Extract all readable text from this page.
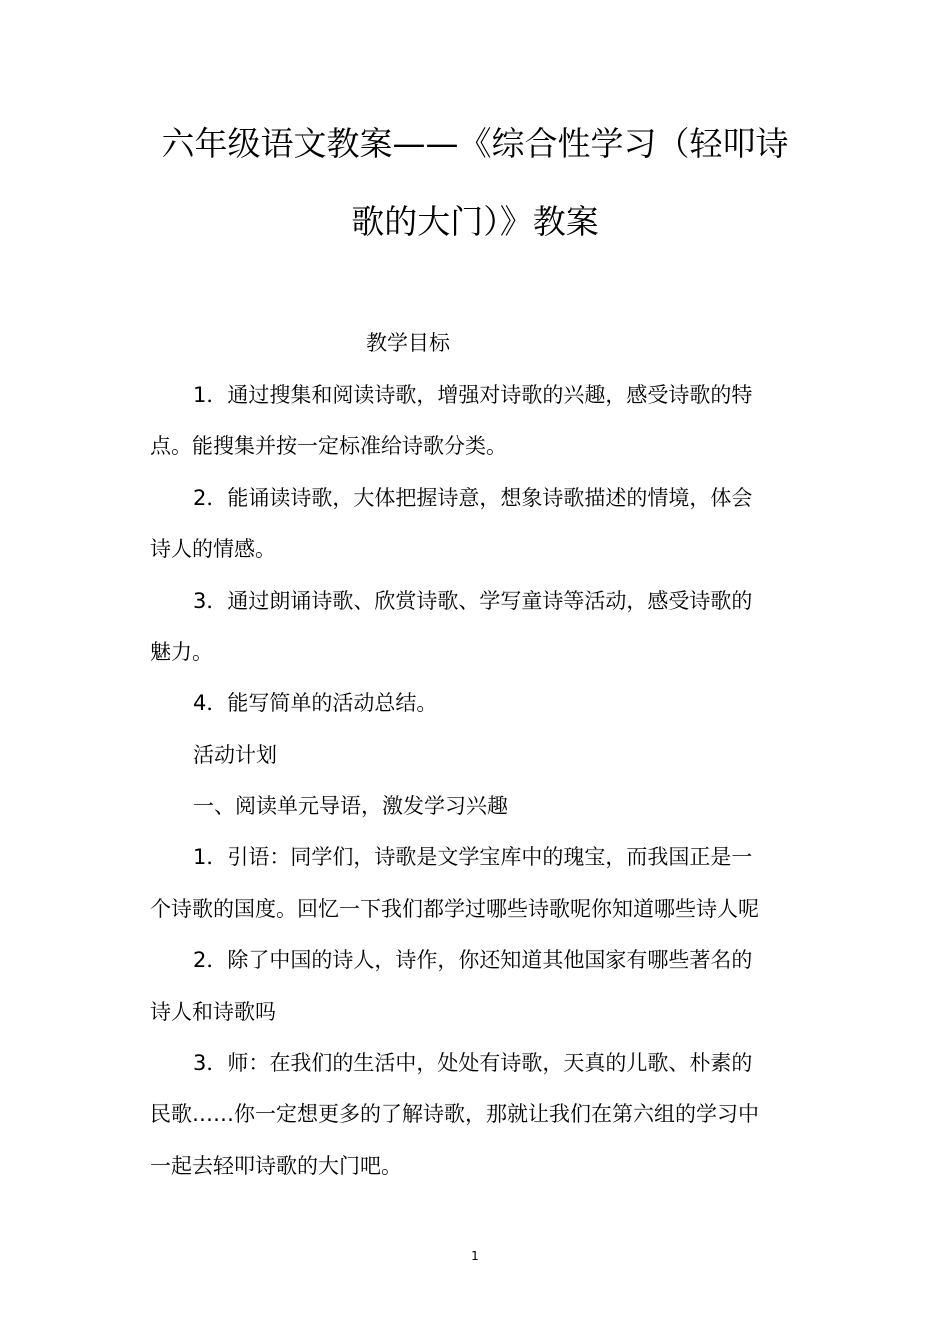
六年级语文教案——《综合性学习（轻叩诗
歌的大门）》教案
教学目标
1．通过搜集和阅读诗歌，增强对诗歌的兴趣，感受诗歌的特
点。能搜集并按一定标准给诗歌分类。
2．能诵读诗歌，大体把握诗意，想象诗歌描述的情境，体会
诗人的情感。
3．通过朗诵诗歌、欣赏诗歌、学写童诗等活动，感受诗歌的
魅力。
4．能写简单的活动总结。
活动计划
一、阅读单元导语，激发学习兴趣
1．引语：同学们，诗歌是文学宝库中的瑰宝，而我国正是一
个诗歌的国度。回忆一下我们都学过哪些诗歌呢你知道哪些诗人呢
2．除了中国的诗人，诗作，你还知道其他国家有哪些著名的
诗人和诗歌吗
3．师：在我们的生活中，处处有诗歌，天真的儿歌、朴素的
民歌……你一定想更多的了解诗歌，那就让我们在第六组的学习中
一起去轻叩诗歌的大门吧。
1
